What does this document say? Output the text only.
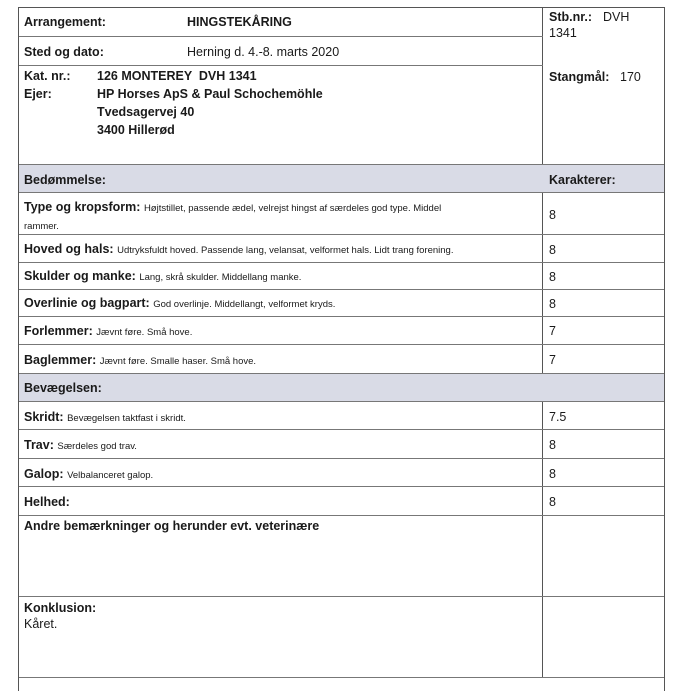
Arrangement:	HINGSTEKÅRING
Sted og dato:	Herning d. 4.-8. marts 2020
Stb.nr.: DVH
1341
Kat. nr.: 126 MONTEREY  DVH 1341
Ejer:	HP Horses ApS & Paul Schochemöhle
Tvedsagervej 40
3400 Hillerød
Stangmål: 170
Bedømmelse:	Karakterer:
Type og kropsform: Højtstillet, passende ædel, velrejst hingst af særdeles god type. Middel
rammer.
8
Hoved og hals: Udtryksfuldt hoved. Passende lang, velansat, velformet hals. Lidt trang forening.	8
Skulder og manke: Lang, skrå skulder. Middellang manke.	8
Overlinie og bagpart: God overlinje. Middellangt, velformet kryds.	8
Forlemmer: Jævnt føre. Små hove.	7
Baglemmer: Jævnt føre. Smalle haser. Små hove.	7
Bevægelsen:
Skridt: Bevægelsen taktfast i skridt.	7.5
Trav: Særdeles god trav.	8
Galop: Velbalanceret galop.	8
Helhed:	8
Andre bemærkninger og herunder evt. veterinære
Konklusion:
Kåret.
